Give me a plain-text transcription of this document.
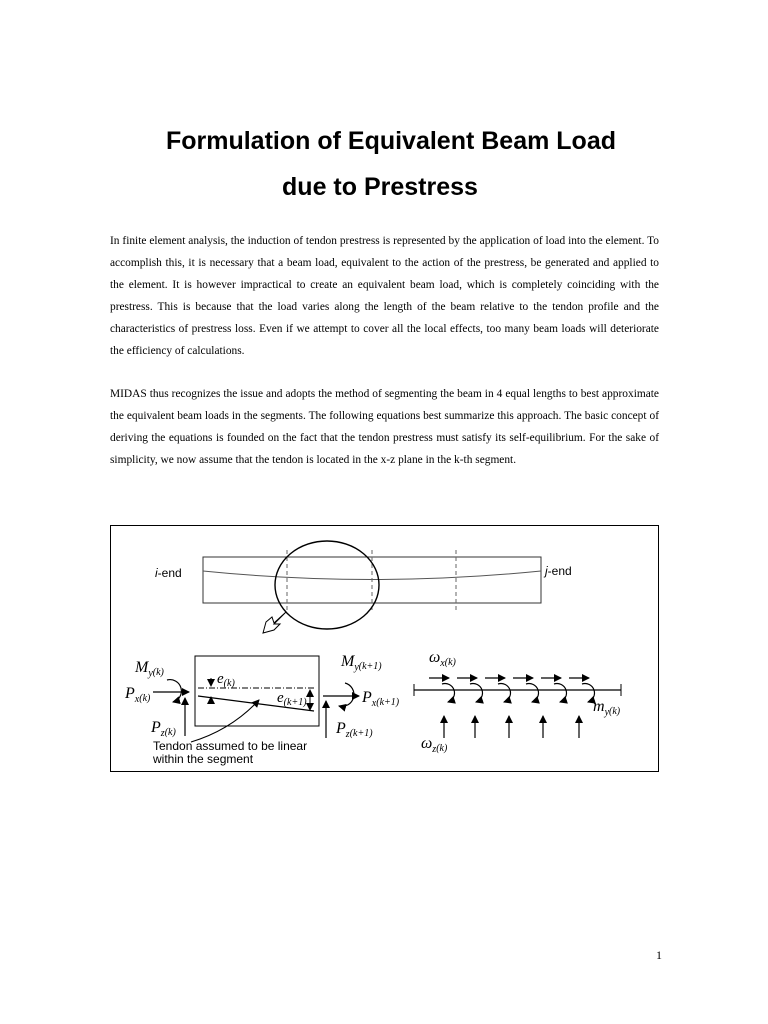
Formulation of Equivalent Beam Load
due to Prestress

In finite element analysis, the induction of tendon prestress is represented by the application of load into the element. To accomplish this, it is necessary that a beam load, equivalent to the action of the prestress, be generated and applied to the element. It is however impractical to create an equivalent beam load, which is completely coinciding with the prestress. This is because that the load varies along the length of the beam relative to the tendon profile and the characteristics of prestress loss. Even if we attempt to cover all the local effects, too many beam loads will deteriorate the efficiency of calculations.

MIDAS thus recognizes the issue and adopts the method of segmenting the beam in 4 equal lengths to best approximate the equivalent beam loads in the segments. The following equations best summarize this approach. The basic concept of deriving the equations is founded on the fact that the tendon prestress must satisfy its self-equilibrium. For the sake of simplicity, we now assume that the tendon is located in the x-z plane in the k-th segment.

$M_y(k)$
$P_x(k)$
$P_z(k)$
$e_{(k)}$
$e_{(k+1)}$
$M_y(k+1)$
$P_x(k+1)$
$P_z(k+1)$
$\omega_x(k)$
$m_y(k)$
$\omega_z(k)$
i-end	j-end
Tendon assumed to be linear
within the segment
1
